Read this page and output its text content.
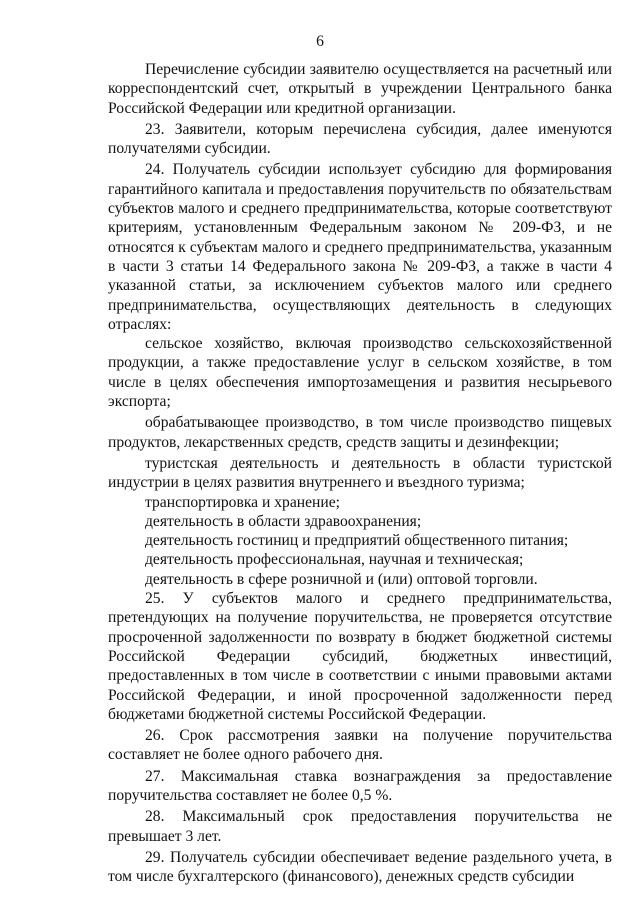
6

Перечисление субсидии заявителю осуществляется на расчетный или корреспондентский счет, открытый в учреждении Центрального банка Российской Федерации или кредитной организации.

23. Заявители, которым перечислена субсидия, далее именуются получателями субсидии.

24. Получатель субсидии использует субсидию для формирования гарантийного капитала и предоставления поручительств по обязательствам субъектов малого и среднего предпринимательства, которые соответствуют критериям, установленным Федеральным законом № 209-ФЗ, и не относятся к субъектам малого и среднего предпринимательства, указанным в части 3 статьи 14 Федерального закона № 209-ФЗ, а также в части 4 указанной статьи, за исключением субъектов малого или среднего предпринимательства, осуществляющих деятельность в следующих отраслях:

сельское хозяйство, включая производство сельскохозяйственной продукции, а также предоставление услуг в сельском хозяйстве, в том числе в целях обеспечения импортозамещения и развития несырьевого экспорта;

обрабатывающее производство, в том числе производство пищевых продуктов, лекарственных средств, средств защиты и дезинфекции;

туристская деятельность и деятельность в области туристской индустрии в целях развития внутреннего и въездного туризма;

транспортировка и хранение;

деятельность в области здравоохранения;

деятельность гостиниц и предприятий общественного питания;

деятельность профессиональная, научная и техническая;

деятельность в сфере розничной и (или) оптовой торговли.

25. У субъектов малого и среднего предпринимательства, претендующих на получение поручительства, не проверяется отсутствие просроченной задолженности по возврату в бюджет бюджетной системы Российской Федерации субсидий, бюджетных инвестиций, предоставленных в том числе в соответствии с иными правовыми актами Российской Федерации, и иной просроченной задолженности перед бюджетами бюджетной системы Российской Федерации.

26. Срок рассмотрения заявки на получение поручительства составляет не более одного рабочего дня.

27. Максимальная ставка вознаграждения за предоставление поручительства составляет не более 0,5 %.

28. Максимальный срок предоставления поручительства не превышает 3 лет.

29. Получатель субсидии обеспечивает ведение раздельного учета, в том числе бухгалтерского (финансового), денежных средств субсидии
